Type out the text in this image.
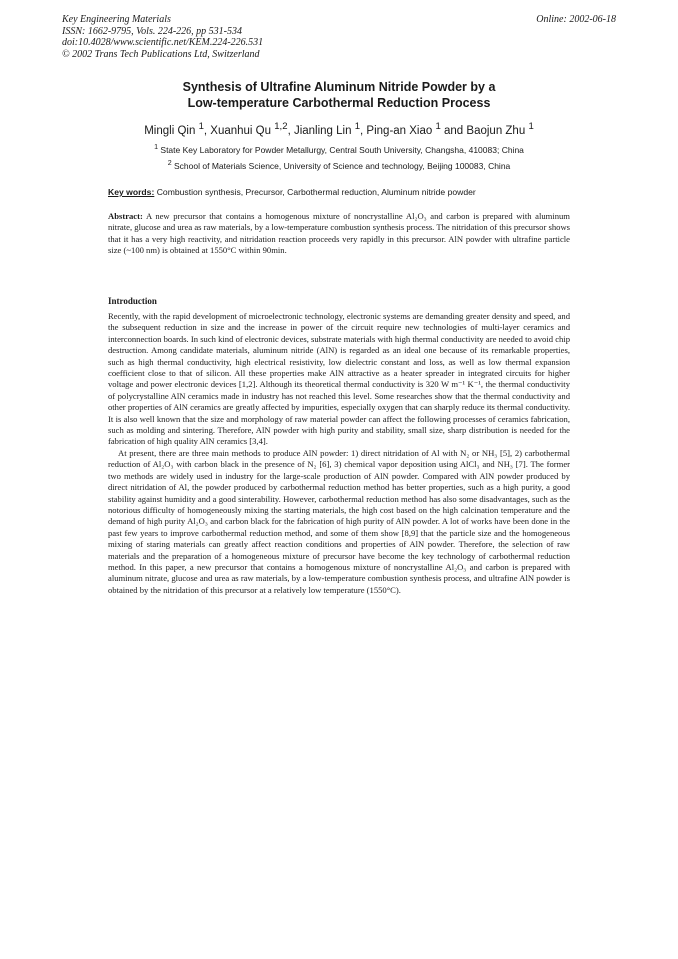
Key Engineering Materials
ISSN: 1662-9795, Vols. 224-226, pp 531-534
doi:10.4028/www.scientific.net/KEM.224-226.531
© 2002 Trans Tech Publications Ltd, Switzerland
Online: 2002-06-18
Synthesis of Ultrafine Aluminum Nitride Powder by a
Low-temperature Carbothermal Reduction Process
Mingli Qin $^1$, Xuanhui Qu $^{1,2}$, Jianling Lin $^1$, Ping-an Xiao $^1$ and Baojun Zhu $^1$
$^1$ State Key Laboratory for Powder Metallurgy, Central South University, Changsha, 410083; China
$^2$ School of Materials Science, University of Science and technology, Beijing 100083, China
Key words: Combustion synthesis, Precursor, Carbothermal reduction, Aluminum nitride powder

Abstract: A new precursor that contains a homogenous mixture of noncrystalline Al₂O₃ and carbon is prepared with aluminum nitrate, glucose and urea as raw materials, by a low-temperature combustion synthesis process. The nitridation of this precursor shows that it has a very high reactivity, and nitridation reaction proceeds very rapidly in this precursor. AlN powder with ultrafine particle size (~100 nm) is obtained at 1550°C within 90min.

Introduction

Recently, with the rapid development of microelectronic technology, electronic systems are demanding greater density and speed, and the subsequent reduction in size and the increase in power of the circuit require new technologies of multi-layer ceramics and interconnection boards. In such kind of electronic devices, substrate materials with high thermal conductivity are needed to avoid chip destruction. Among candidate materials, aluminum nitride (AlN) is regarded as an ideal one because of its remarkable properties, such as high thermal conductivity, high electrical resistivity, low dielectric constant and loss, as well as low thermal expansion coefficient close to that of silicon. All these properties make AlN attractive as a heater spreader in integrated circuits for higher voltage and power electronic devices [1,2]. Although its theoretical thermal conductivity is 320 W m⁻¹ K⁻¹, the thermal conductivity of polycrystalline AlN ceramics made in industry has not reached this level. Some researches show that the thermal conductivity and other properties of AlN ceramics are greatly affected by impurities, especially oxygen that can sharply reduce its thermal conductivity. It is also well known that the size and morphology of raw material powder can affect the following processes of ceramics fabrication, such as molding and sintering. Therefore, AlN powder with high purity and stability, small size, sharp distribution is needed for the fabrication of high quality AlN ceramics [3,4].

At present, there are three main methods to produce AlN powder: 1) direct nitridation of Al with N₂ or NH₃ [5], 2) carbothermal reduction of Al₂O₃ with carbon black in the presence of N₂ [6], 3) chemical vapor deposition using AlCl₃ and NH₃ [7]. The former two methods are widely used in industry for the large-scale production of AlN powder. Compared with AlN powder produced by direct nitridation of Al, the powder produced by carbothermal reduction method has better properties, such as a high purity, a good stability against humidity and a good sinterability. However, carbothermal reduction method has also some disadvantages, such as the notorious difficulty of homogeneously mixing the starting materials, the high cost based on the high calcination temperature and the demand of high purity Al₂O₃ and carbon black for the fabrication of high purity of AlN powder. A lot of works have been done in the past few years to improve carbothermal reduction method, and some of them show [8,9] that the particle size and the homogeneous mixing of staring materials can greatly affect reaction conditions and properties of AlN powder. Therefore, the selection of raw materials and the preparation of a homogeneous mixture of precursor have become the key technology of carbothermal reduction method. In this paper, a new precursor that contains a homogenous mixture of noncrystalline Al₂O₃ and carbon is prepared with aluminum nitrate, glucose and urea as raw materials, by a low-temperature combustion synthesis process, and ultrafine AlN powder is obtained by the nitridation of this precursor at a relatively low temperature (1550°C).
